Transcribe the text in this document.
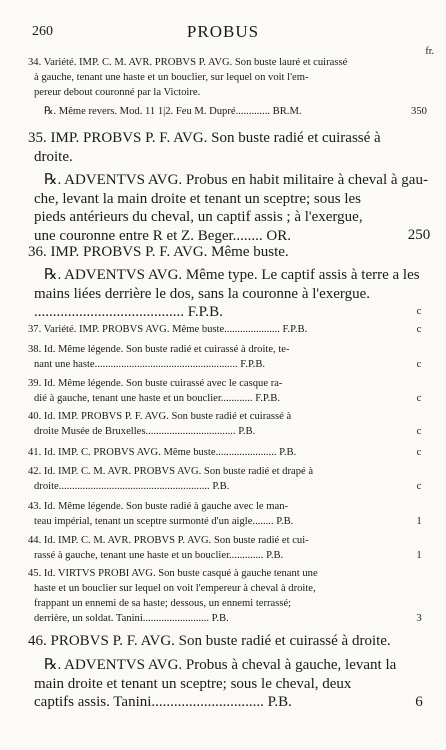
260	PROBUS
fr.
34. Variété. IMP. C. M. AVR. PROBVS P. AVG. Son buste lauré et cuirassé
à gauche, tenant une haste et un bouclier, sur lequel on voit l'em-
pereur debout couronné par la Victoire.
℞. Même revers. Mod. 11 1|2. Feu M. Dupré............. BR.M.	350
35. IMP. PROBVS P. F. AVG. Son buste radié et cuirassé à
droite.
℞. ADVENTVS AVG. Probus en habit militaire à cheval à gau-
che, levant la main droite et tenant un sceptre; sous les
pieds antérieurs du cheval, un captif assis ; à l'exergue,
une couronne entre R et Z. Beger........ OR.	250
36. IMP. PROBVS P. F. AVG. Même buste.
℞. ADVENTVS AVG. Même type. Le captif assis à terre a les
mains liées derrière le dos, sans la couronne à l'exergue.
........................................ F.P.B.	c
37. Variété. IMP. PROBVS AVG. Même buste..................... F.P.B.	c
38. Id. Même légende. Son buste radié et cuirassé à droite, te-
nant une haste...................................................... F.P.B.	c
39. Id. Même légende. Son buste cuirassé avec le casque ra-
dié à gauche, tenant une haste et un bouclier............ F.P.B.	c
40. Id. IMP. PROBVS P. F. AVG. Son buste radié et cuirassé à
droite Musée de Bruxelles.................................. P.B.	c
41. Id. IMP. C. PROBVS AVG. Même buste....................... P.B.	c
42. Id. IMP. C. M. AVR. PROBVS AVG. Son buste radié et drapé à
droite......................................................... P.B.	c
43. Id. Même légende. Son buste radié à gauche avec le man-
teau impérial, tenant un sceptre surmonté d'un aigle........ P.B.	1
44. Id. IMP. C. M. AVR. PROBVS P. AVG. Son buste radié et cui-
rassé à gauche, tenant une haste et un bouclier............. P.B.	1
45. Id. VIRTVS PROBI AVG. Son buste casqué à gauche tenant une
haste et un bouclier sur lequel on voit l'empereur à cheval à droite,
frappant un ennemi de sa haste; dessous, un ennemi terrassé;
derrière, un soldat. Tanini......................... P.B.	3
46. PROBVS P. F. AVG. Son buste radié et cuirassé à droite.
℞. ADVENTVS AVG. Probus à cheval à gauche, levant la
main droite et tenant un sceptre; sous le cheval, deux
captifs assis. Tanini.............................. P.B.	6
